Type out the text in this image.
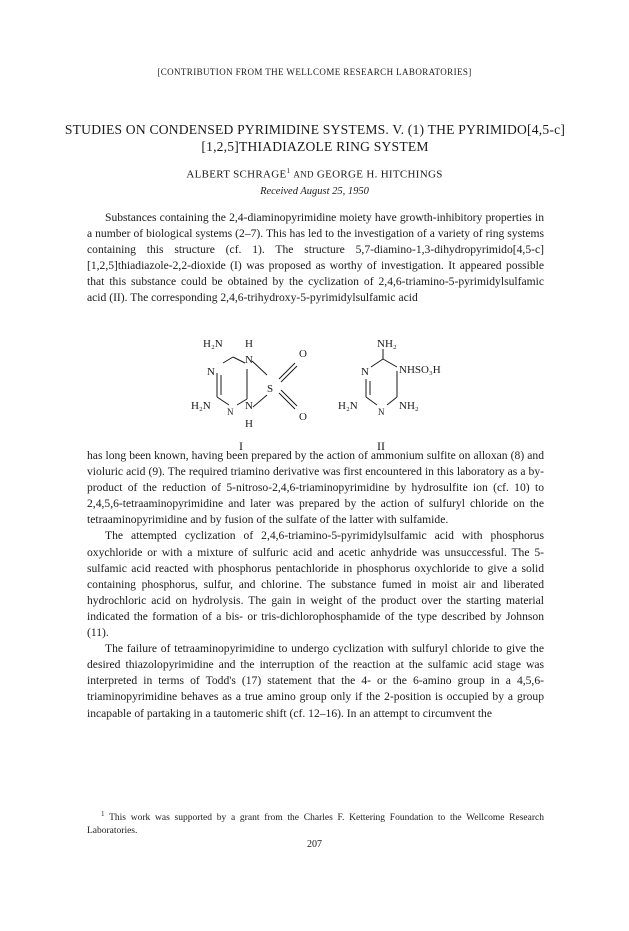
[CONTRIBUTION FROM THE WELLCOME RESEARCH LABORATORIES]
STUDIES ON CONDENSED PYRIMIDINE SYSTEMS. V. (1) THE PYRIMIDO[4,5-c][1,2,5]THIADIAZOLE RING SYSTEM
ALBERT SCHRAGE$^1$ AND GEORGE H. HITCHINGS
Received August 25, 1950

Substances containing the 2,4-diaminopyrimidine moiety have growth-inhibitory properties in a number of biological systems (2–7). This has led to the investigation of a variety of ring systems containing this structure (cf. 1). The structure 5,7-diamino-1,3-dihydropyrimido[4,5-c][1,2,5]thiadiazole-2,2-dioxide (I) was proposed as worthy of investigation. It appeared possible that this substance could be obtained by the cyclization of 2,4,6-triamino-5-pyrimidylsulfamic acid (II). The corresponding 2,4,6-trihydroxy-5-pyrimidylsulfamic acid

H₂N H
N
N
S
O
O
H₂N N N
H
I
NH₂
N	NHSO₃H
H₂N N NH₂
II

has long been known, having been prepared by the action of ammonium sulfite on alloxan (8) and violuric acid (9). The required triamino derivative was first encountered in this laboratory as a by-product of the reduction of 5-nitroso-2,4,6-triaminopyrimidine by hydrosulfite ion (cf. 10) to 2,4,5,6-tetraaminopyrimidine and later was prepared by the action of sulfuryl chloride on the tetraaminopyrimidine and by fusion of the sulfate of the latter with sulfamide.

The attempted cyclization of 2,4,6-triamino-5-pyrimidylsulfamic acid with phosphorus oxychloride or with a mixture of sulfuric acid and acetic anhydride was unsuccessful. The 5-sulfamic acid reacted with phosphorus pentachloride in phosphorus oxychloride to give a solid containing phosphorus, sulfur, and chlorine. The substance fumed in moist air and liberated hydrochloric acid on hydrolysis. The gain in weight of the product over the starting material indicated the formation of a bis- or tris-dichlorophosphamide of the type described by Johnson (11).

The failure of tetraaminopyrimidine to undergo cyclization with sulfuryl chloride to give the desired thiazolopyrimidine and the interruption of the reaction at the sulfamic acid stage was interpreted in terms of Todd's (17) statement that the 4- or the 6-amino group in a 4,5,6-triaminopyrimidine behaves as a true amino group only if the 2-position is occupied by a group incapable of partaking in a tautomeric shift (cf. 12–16). In an attempt to circumvent the

$^1$ This work was supported by a grant from the Charles F. Kettering Foundation to the Wellcome Research Laboratories.

207
